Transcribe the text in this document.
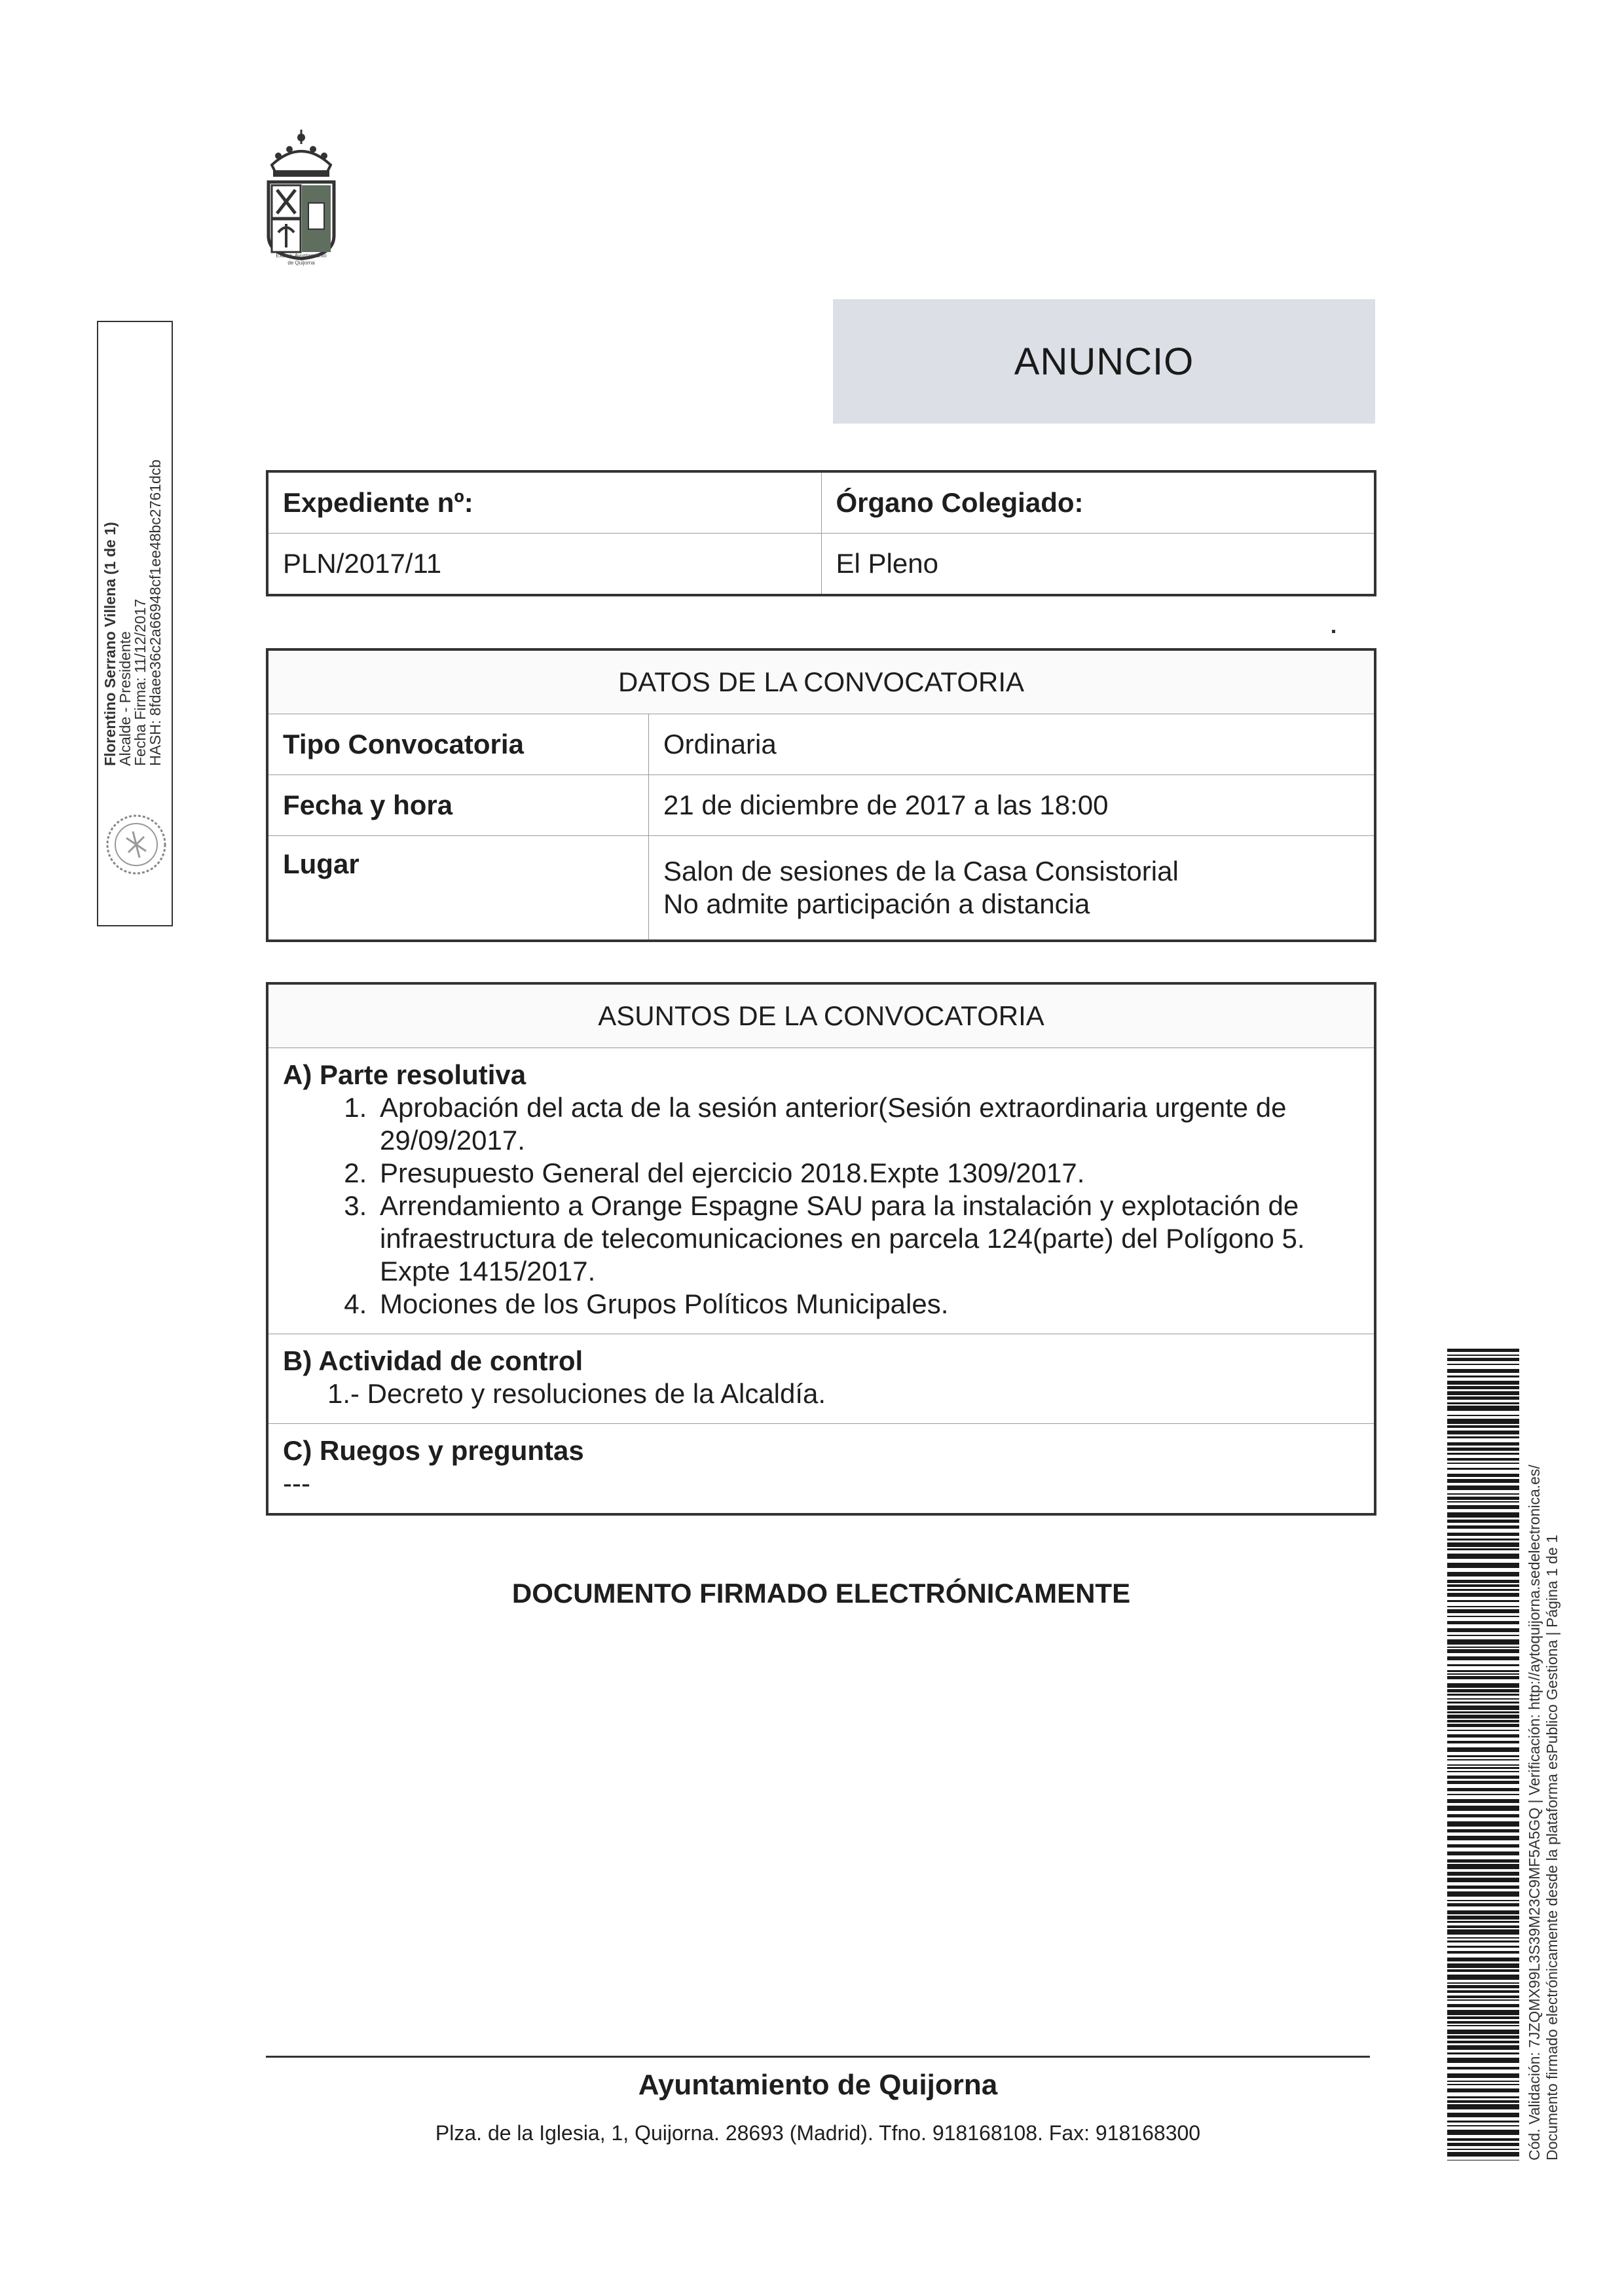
Excmo. Ayuntamiento
de Quijorna
Florentino Serrano Villena (1 de 1)
Alcalde - Presidente
Fecha Firma: 11/12/2017
HASH: 8fdaee36c2a66948cf1ee48bc2761dcb
ANUNCIO
Expediente nº:	Órgano Colegiado:
PLN/2017/11	El Pleno
DATOS DE LA CONVOCATORIA	
Tipo Convocatoria	Ordinaria
Fecha y hora	21 de diciembre de 2017 a las 18:00
Lugar	Salon de sesiones de la Casa Consistorial
No admite participación a distancia
ASUNTOS DE LA CONVOCATORIA

A) Parte resolutiva
1. Aprobación del acta de la sesión anterior(Sesión extraordinaria urgente de 29/09/2017.
2. Presupuesto General del ejercicio 2018.Expte 1309/2017.
3. Arrendamiento a Orange Espagne SAU para la instalación y explotación de infraestructura de telecomunicaciones en parcela 124(parte) del Polígono 5. Expte 1415/2017.
4. Mociones de los Grupos Políticos Municipales.

B) Actividad de control
1.- Decreto y resoluciones de la Alcaldía.

C) Ruegos y preguntas
---
DOCUMENTO FIRMADO ELECTRÓNICAMENTE
Ayuntamiento de Quijorna
Plza. de la Iglesia, 1, Quijorna. 28693 (Madrid). Tfno. 918168108. Fax: 918168300	Cód. Validación: 7JZQMX99L3S39M23C9MF5A5GQ | Verificación: http://aytoquijorna.sedelectronica.es/ Documento firmado electrónicamente desde la plataforma esPublico Gestiona | Página 1 de 1
